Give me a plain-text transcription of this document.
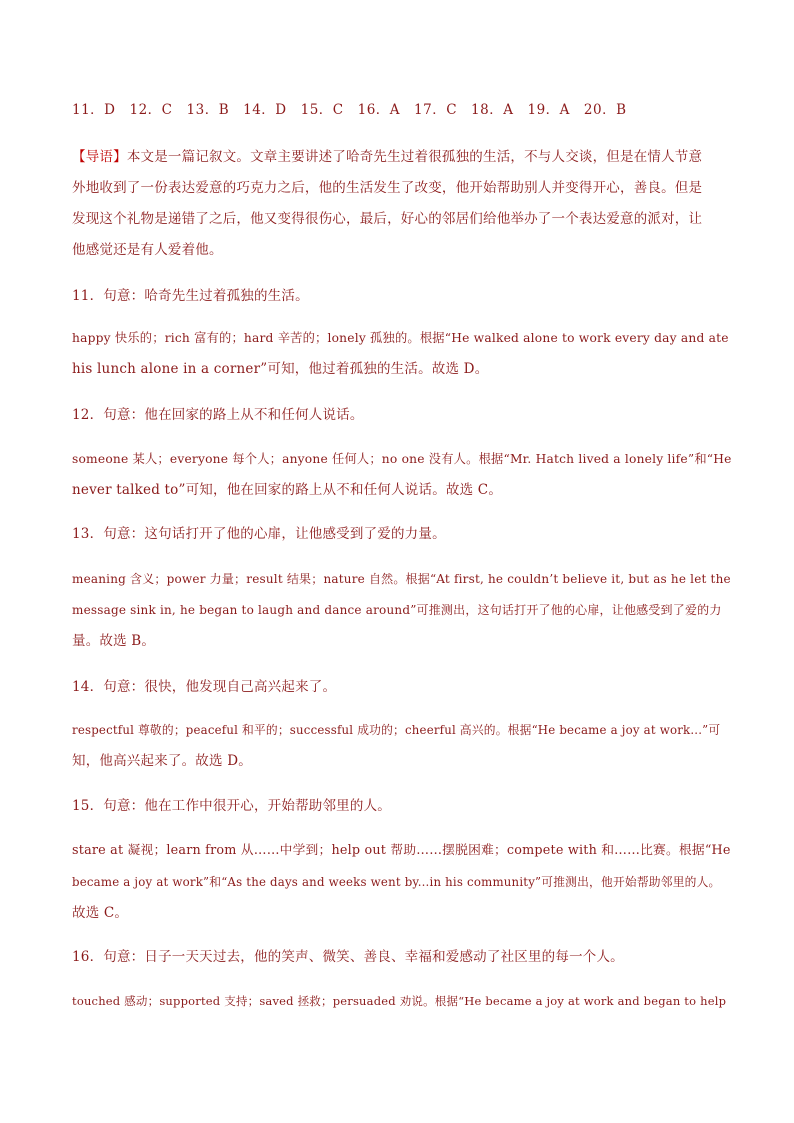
11．D　12．C　13．B　14．D　15．C　16．A　17．C　18．A　19．A　20．B
【导语】本文是一篇记叙文。文章主要讲述了哈奇先生过着很孤独的生活，不与人交谈，但是在情人节意
外地收到了一份表达爱意的巧克力之后，他的生活发生了改变，他开始帮助别人并变得开心，善良。但是
发现这个礼物是递错了之后，他又变得很伤心，最后，好心的邻居们给他举办了一个表达爱意的派对，让
他感觉还是有人爱着他。
11．句意：哈奇先生过着孤独的生活。
happy 快乐的；rich 富有的；hard 辛苦的；lonely 孤独的。根据“He walked alone to work every day and ate
his lunch alone in a corner”可知，他过着孤独的生活。故选 D。
12．句意：他在回家的路上从不和任何人说话。
someone 某人；everyone 每个人；anyone 任何人；no one 没有人。根据“Mr. Hatch lived a lonely life”和“He
never talked to”可知，他在回家的路上从不和任何人说话。故选 C。
13．句意：这句话打开了他的心扉，让他感受到了爱的力量。
meaning 含义；power 力量；result 结果；nature 自然。根据“At first, he couldn’t believe it, but as he let the
message sink in, he began to laugh and dance around”可推测出，这句话打开了他的心扉，让他感受到了爱的力
量。故选 B。
14．句意：很快，他发现自己高兴起来了。
respectful 尊敬的；peaceful 和平的；successful 成功的；cheerful 高兴的。根据“He became a joy at work...”可
知，他高兴起来了。故选 D。
15．句意：他在工作中很开心，开始帮助邻里的人。
stare at 凝视；learn from 从……中学到；help out 帮助……摆脱困难；compete with 和……比赛。根据“He
became a joy at work”和“As the days and weeks went by...in his community”可推测出，他开始帮助邻里的人。
故选 C。
16．句意：日子一天天过去，他的笑声、微笑、善良、幸福和爱感动了社区里的每一个人。
touched 感动；supported 支持；saved 拯救；persuaded 劝说。根据“He became a joy at work and began to help
